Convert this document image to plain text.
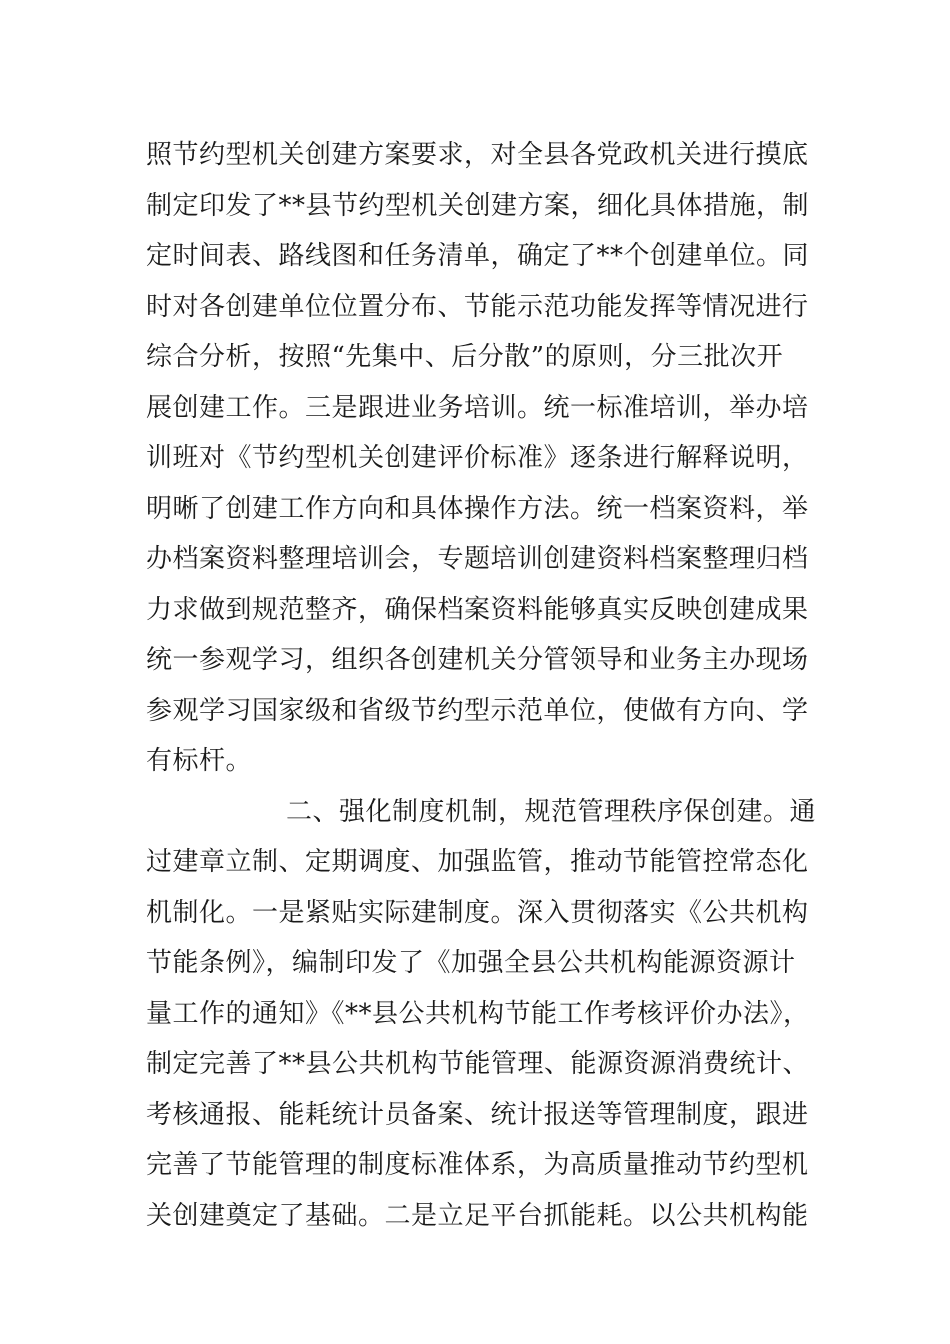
照节约型机关创建方案要求，对全县各党政机关进行摸底
制定印发了**县节约型机关创建方案，细化具体措施，制
定时间表、路线图和任务清单，确定了**个创建单位。同
时对各创建单位位置分布、节能示范功能发挥等情况进行
综合分析，按照“先集中、后分散”的原则，分三批次开
展创建工作。三是跟进业务培训。统一标准培训，举办培
训班对《节约型机关创建评价标准》逐条进行解释说明，
明晰了创建工作方向和具体操作方法。统一档案资料，举
办档案资料整理培训会，专题培训创建资料档案整理归档
力求做到规范整齐，确保档案资料能够真实反映创建成果
统一参观学习，组织各创建机关分管领导和业务主办现场
参观学习国家级和省级节约型示范单位，使做有方向、学
有标杆。
二、强化制度机制，规范管理秩序保创建。通
过建章立制、定期调度、加强监管，推动节能管控常态化
机制化。一是紧贴实际建制度。深入贯彻落实《公共机构
节能条例》，编制印发了《加强全县公共机构能源资源计
量工作的通知》《**县公共机构节能工作考核评价办法》，
制定完善了**县公共机构节能管理、能源资源消费统计、
考核通报、能耗统计员备案、统计报送等管理制度，跟进
完善了节能管理的制度标准体系，为高质量推动节约型机
关创建奠定了基础。二是立足平台抓能耗。以公共机构能
